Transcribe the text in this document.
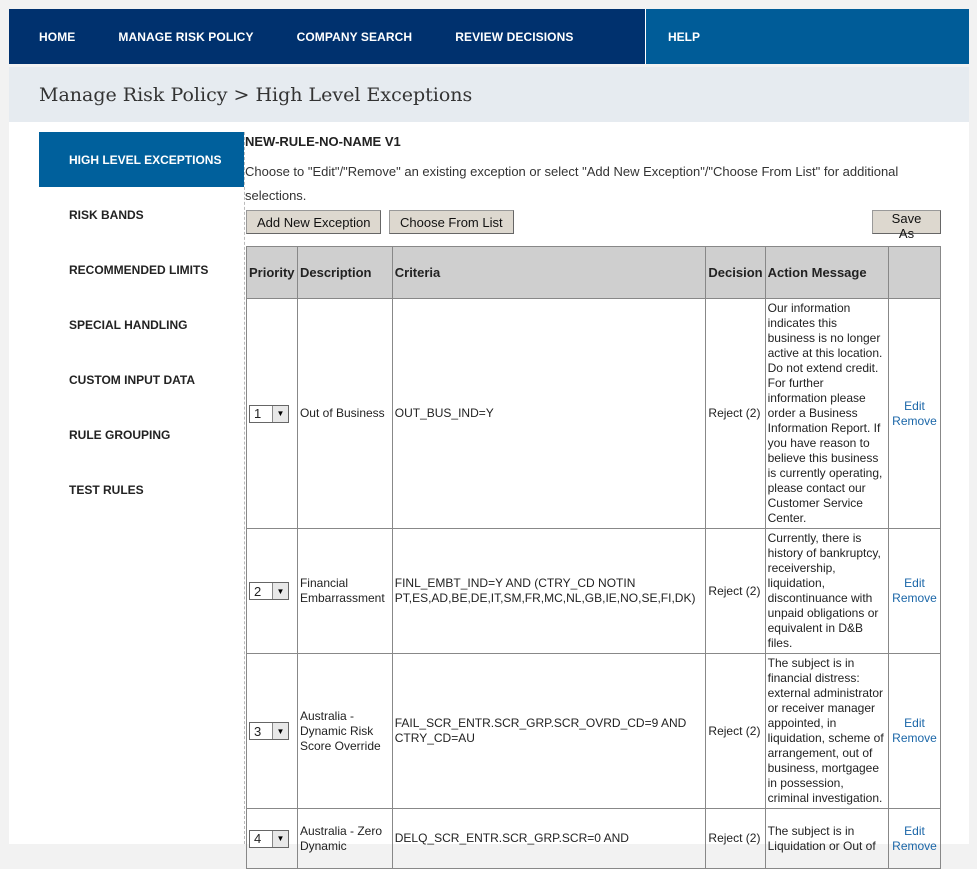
HOME	MANAGE RISK POLICY	COMPANY SEARCH	REVIEW DECISIONS	HELP
Manage Risk Policy > High Level Exceptions
HIGH LEVEL EXCEPTIONS
RISK BANDS
RECOMMENDED LIMITS
SPECIAL HANDLING
CUSTOM INPUT DATA
RULE GROUPING
TEST RULES

NEW-RULE-NO-NAME V1

Choose to "Edit"/"Remove" an existing exception or select "Add New Exception"/"Choose From List" for additional selections.

Add New Exception	Choose From List	Save As
Priority	Description	Criteria	Decision	Action Message	

1 ▼	Out of Business	OUT_BUS_IND=Y	Reject (2)	Our information indicates this business is no longer active at this location. Do not extend credit. For further information please order a Business Information Report. If you have reason to believe this business is currently operating, please contact our Customer Service Center.	Edit
Remove

2 ▼	Financial Embarrassment	FINL_EMBT_IND=Y AND (CTRY_CD NOTIN PT,ES,AD,BE,DE,IT,SM,FR,MC,NL,GB,IE,NO,SE,FI,DK)	Reject (2)	Currently, there is history of bankruptcy, receivership, liquidation, discontinuance with unpaid obligations or equivalent in D&B files.	Edit
Remove

3 ▼	Australia - Dynamic Risk Score Override	FAIL_SCR_ENTR.SCR_GRP.SCR_OVRD_CD=9 AND CTRY_CD=AU	Reject (2)	The subject is in financial distress: external administrator or receiver manager appointed, in liquidation, scheme of arrangement, out of business, mortgagee in possession, criminal investigation.	Edit
Remove

4 ▼	Australia - Zero Dynamic	DELQ_SCR_ENTR.SCR_GRP.SCR=0 AND	Reject (2)	The subject is in Liquidation or Out of	Edit
Remove
